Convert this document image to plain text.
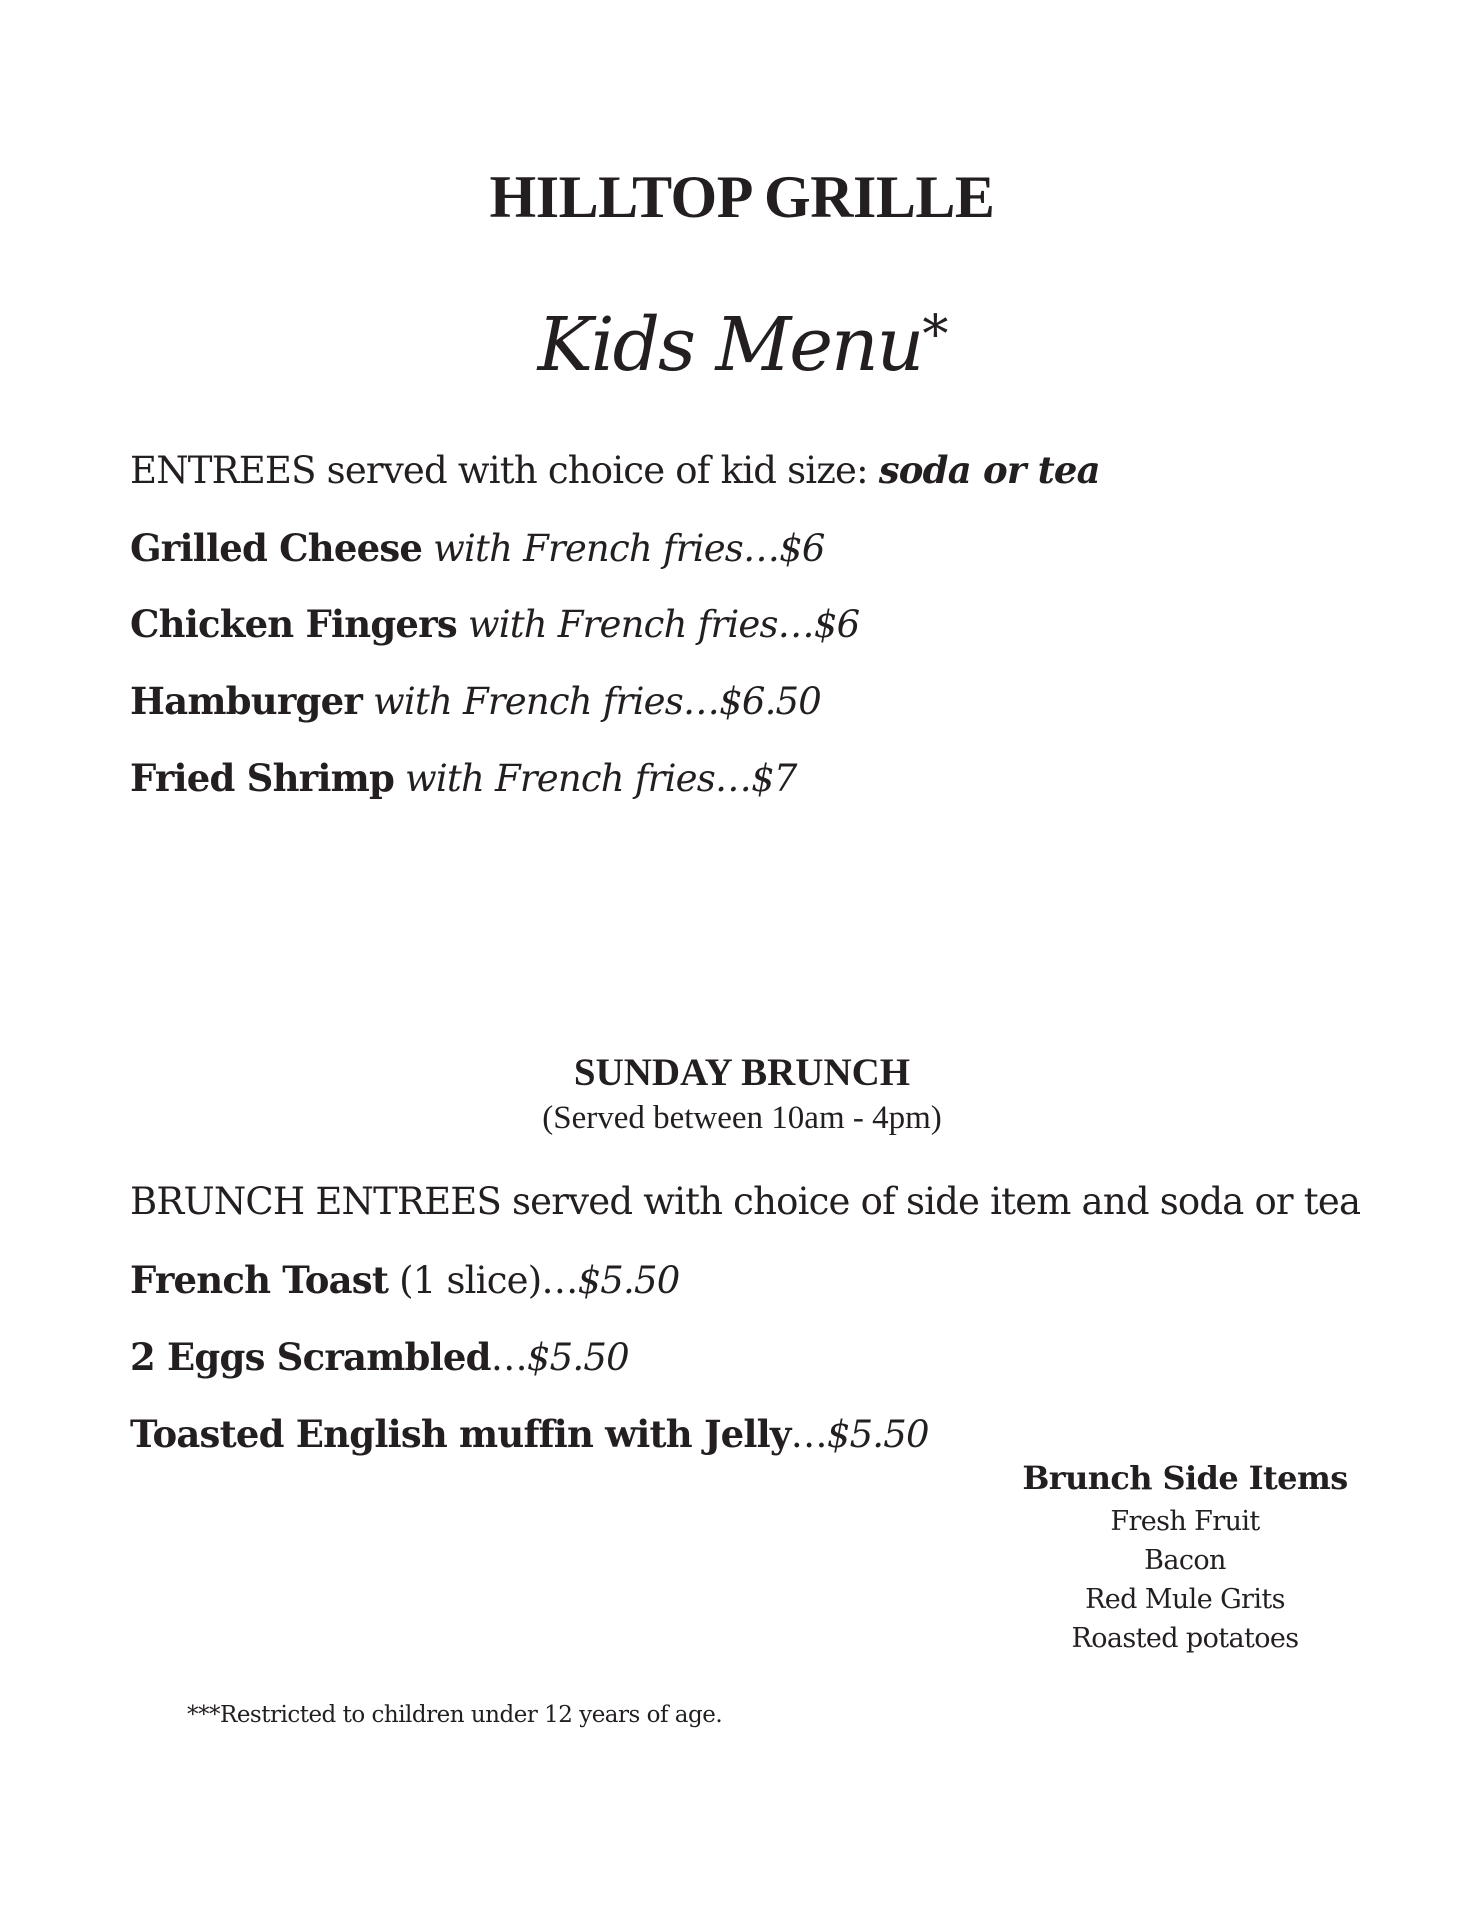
HILLTOP GRILLE
Kids Menu*
ENTREES served with choice of kid size: soda or tea
Grilled Cheese with French fries…$6
Chicken Fingers with French fries…$6
Hamburger with French fries…$6.50
Fried Shrimp with French fries…$7
SUNDAY BRUNCH
(Served between 10am - 4pm)
BRUNCH ENTREES served with choice of side item and soda or tea
French Toast (1 slice)…$5.50
2 Eggs Scrambled…$5.50
Toasted English muffin with Jelly…$5.50
Brunch Side Items
Fresh Fruit
Bacon
Red Mule Grits
Roasted potatoes
***Restricted to children under 12 years of age.
